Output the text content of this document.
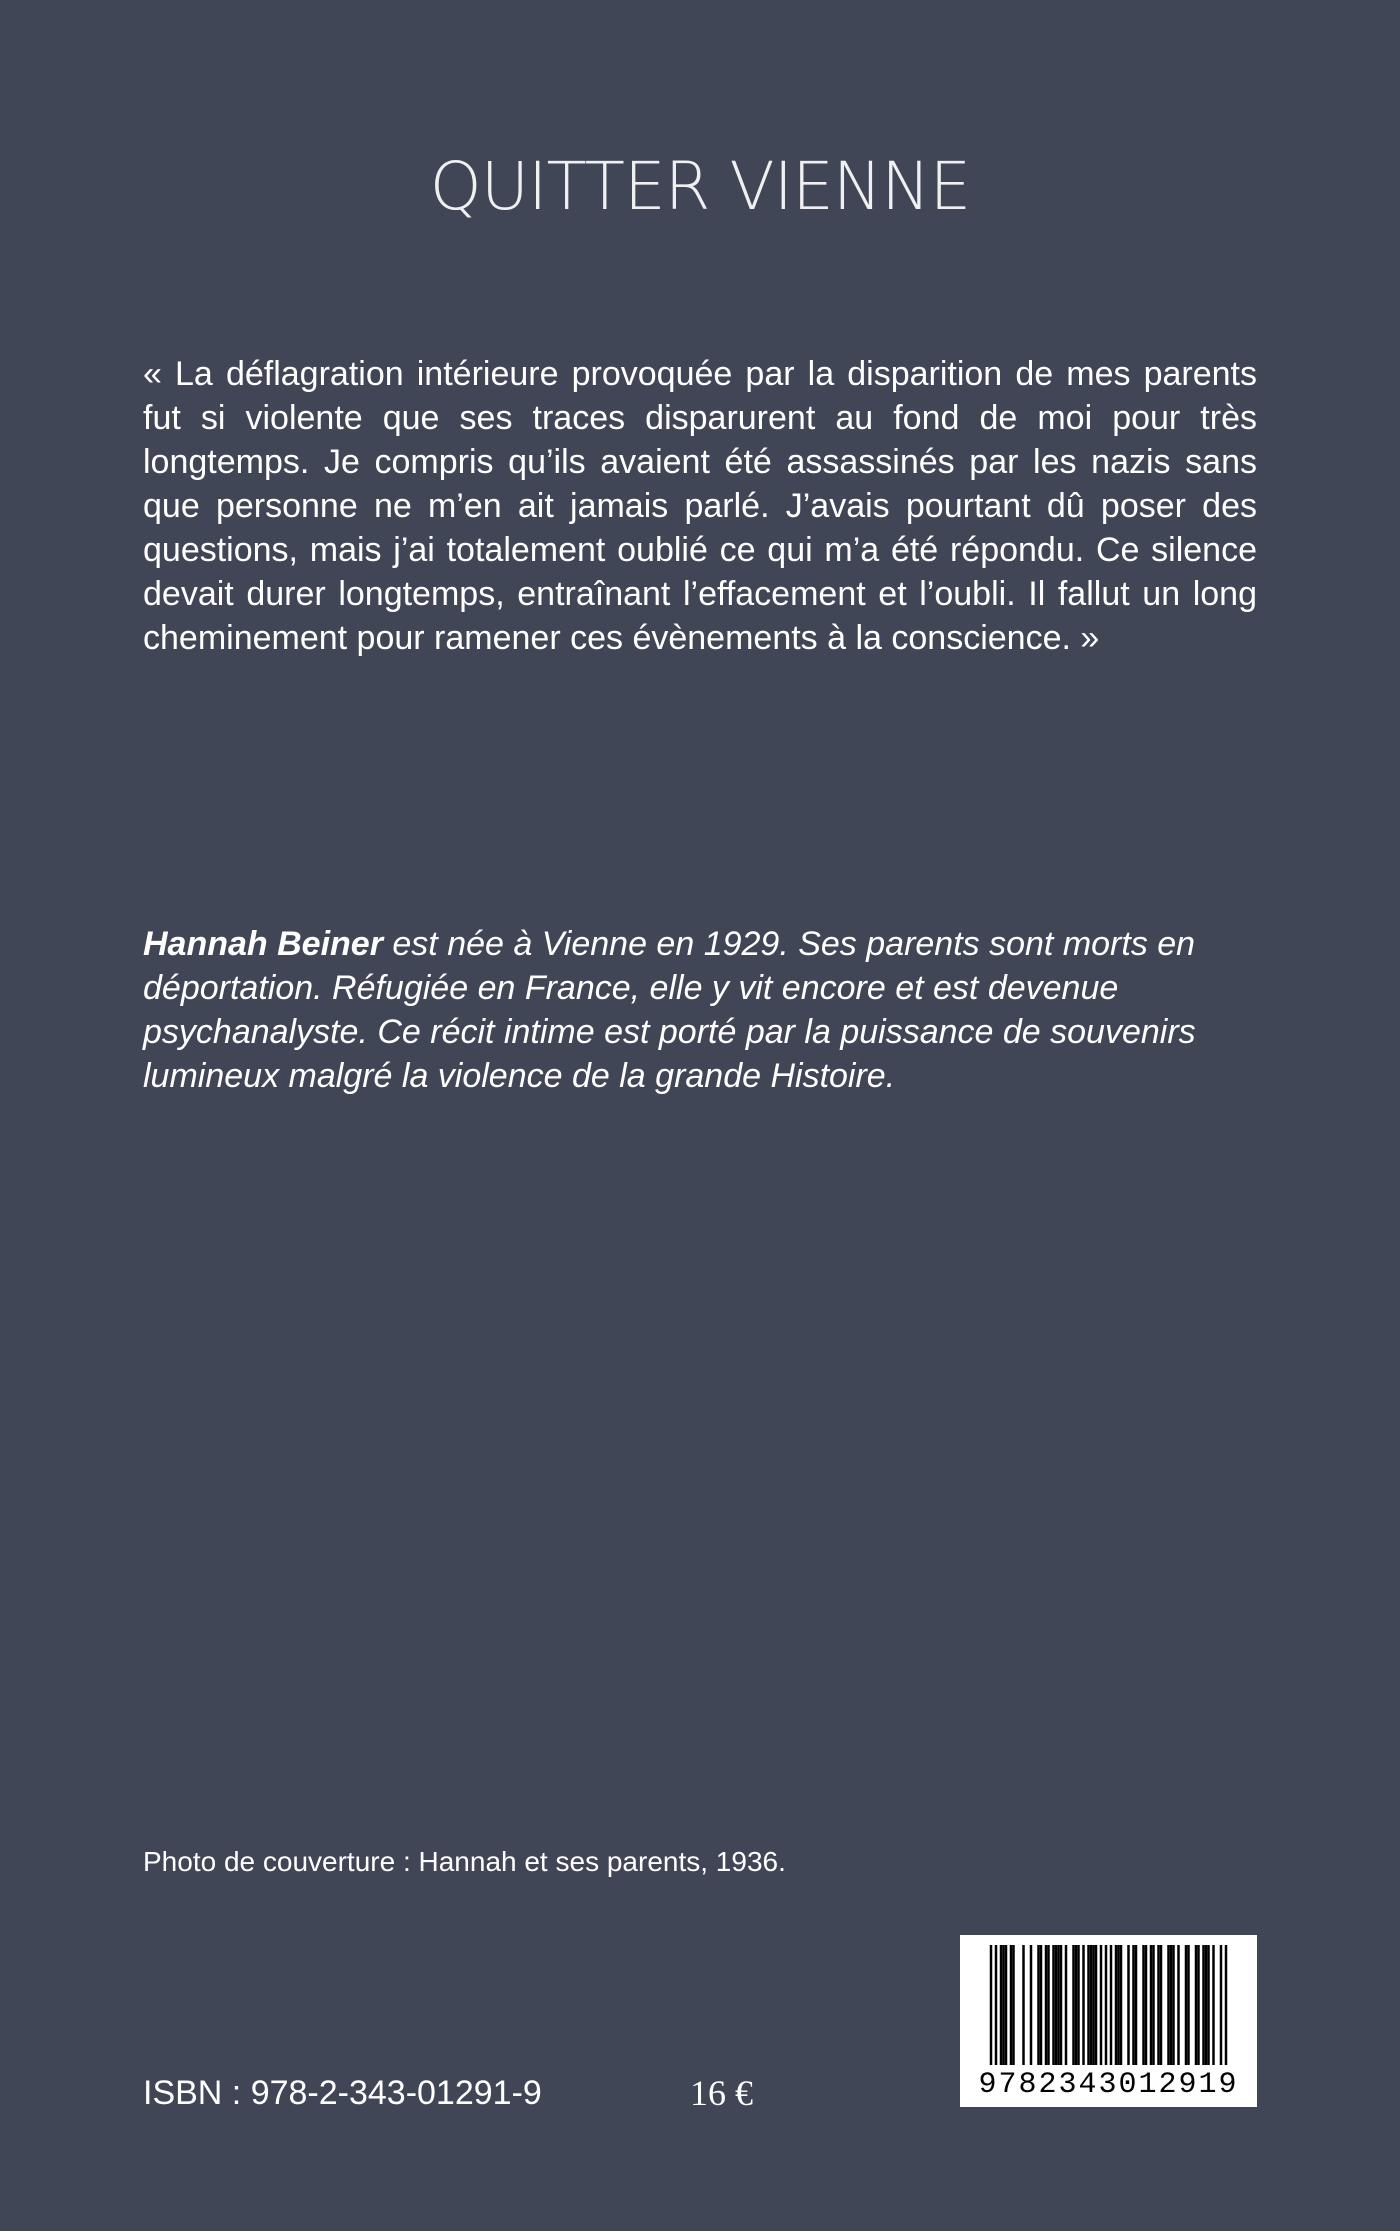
QUITTER VIENNE

« La déflagration intérieure provoquée par la disparition de mes parents fut si violente que ses traces disparurent au fond de moi pour très longtemps. Je compris qu’ils avaient été assassinés par les nazis sans que personne ne m’en ait jamais parlé. J’avais pourtant dû poser des questions, mais j’ai totalement oublié ce qui m’a été répondu. Ce silence devait durer longtemps, entraînant l’effacement et l’oubli. Il fallut un long cheminement pour ramener ces évènements à la conscience. »

Hannah Beiner est née à Vienne en 1929. Ses parents sont morts en déportation. Réfugiée en France, elle y vit encore et est devenue psychanalyste. Ce récit intime est porté par la puissance de souvenirs lumineux malgré la violence de la grande Histoire.

Photo de couverture : Hannah et ses parents, 1936.
ISBN : 978-2-343-01291-9	16 €	9782343012919
